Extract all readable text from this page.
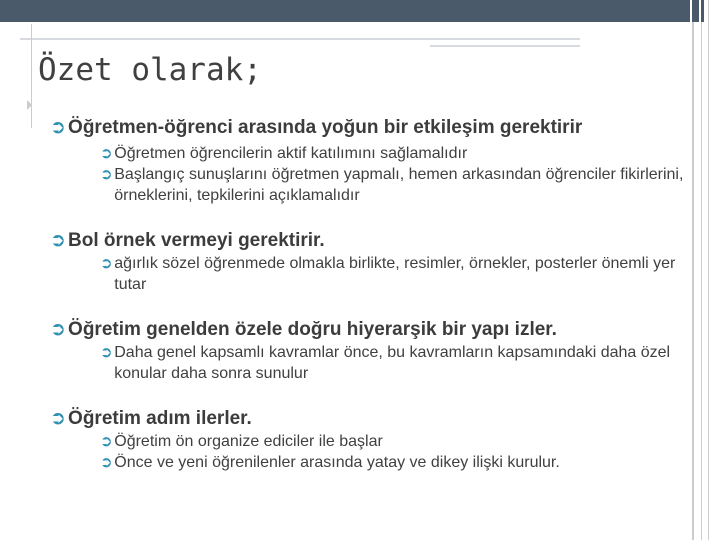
Özet olarak;
➲ Öğretmen-öğrenci arasında yoğun bir etkileşim gerektirir
➲ Öğretmen öğrencilerin aktif katılımını sağlamalıdır
➲ Başlangıç sunuşlarını öğretmen yapmalı, hemen arkasından öğrenciler fikirlerini, örneklerini, tepkilerini açıklamalıdır
➲ Bol örnek vermeyi gerektirir.
➲ ağırlık sözel öğrenmede olmakla birlikte, resimler, örnekler, posterler önemli yer tutar
➲ Öğretim genelden özele doğru hiyerarşik bir yapı izler.
➲ Daha genel kapsamlı kavramlar önce, bu kavramların kapsamındaki daha özel konular daha sonra sunulur
➲ Öğretim adım ilerler.
➲ Öğretim ön organize ediciler ile başlar
➲ Önce ve yeni öğrenilenler arasında yatay ve dikey ilişki kurulur.
